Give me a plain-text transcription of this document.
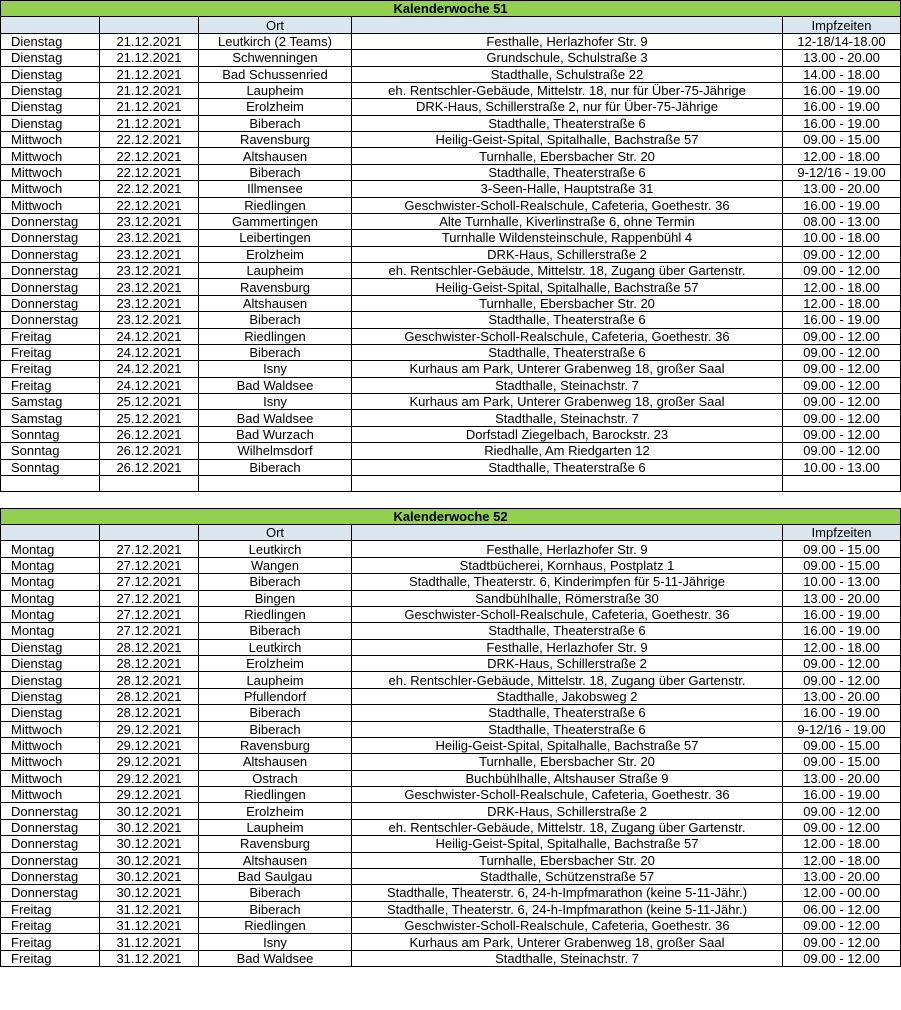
Kalenderwoche 51				
		Ort		Impfzeiten
Dienstag	21.12.2021	Leutkirch (2 Teams)	Festhalle, Herlazhofer Str. 9	12-18/14-18.00
Dienstag	21.12.2021	Schwenningen	Grundschule, Schulstraße 3	13.00 - 20.00
Dienstag	21.12.2021	Bad Schussenried	Stadthalle, Schulstraße 22	14.00 - 18.00
Dienstag	21.12.2021	Laupheim	eh. Rentschler-Gebäude, Mittelstr. 18, nur für Über-75-Jährige	16.00 - 19.00
Dienstag	21.12.2021	Erolzheim	DRK-Haus, Schillerstraße 2, nur für Über-75-Jährige	16.00 - 19.00
Dienstag	21.12.2021	Biberach	Stadthalle, Theaterstraße 6	16.00 - 19.00
Mittwoch	22.12.2021	Ravensburg	Heilig-Geist-Spital, Spitalhalle, Bachstraße 57	09.00 - 15.00
Mittwoch	22.12.2021	Altshausen	Turnhalle, Ebersbacher Str. 20	12.00 - 18.00
Mittwoch	22.12.2021	Biberach	Stadthalle, Theaterstraße 6	9-12/16 - 19.00
Mittwoch	22.12.2021	Illmensee	3-Seen-Halle, Hauptstraße 31	13.00 - 20.00
Mittwoch	22.12.2021	Riedlingen	Geschwister-Scholl-Realschule, Cafeteria, Goethestr. 36	16.00 - 19.00
Donnerstag	23.12.2021	Gammertingen	Alte Turnhalle, Kiverlinstraße 6, ohne Termin	08.00 - 13.00
Donnerstag	23.12.2021	Leibertingen	Turnhalle Wildensteinschule, Rappenbühl 4	10.00 - 18.00
Donnerstag	23.12.2021	Erolzheim	DRK-Haus, Schillerstraße 2	09.00 - 12.00
Donnerstag	23.12.2021	Laupheim	eh. Rentschler-Gebäude, Mittelstr. 18, Zugang über Gartenstr.	09.00 - 12.00
Donnerstag	23.12.2021	Ravensburg	Heilig-Geist-Spital, Spitalhalle, Bachstraße 57	12.00 - 18.00
Donnerstag	23.12.2021	Altshausen	Turnhalle, Ebersbacher Str. 20	12.00 - 18.00
Donnerstag	23.12.2021	Biberach	Stadthalle, Theaterstraße 6	16.00 - 19.00
Freitag	24.12.2021	Riedlingen	Geschwister-Scholl-Realschule, Cafeteria, Goethestr. 36	09.00 - 12.00
Freitag	24.12.2021	Biberach	Stadthalle, Theaterstraße 6	09.00 - 12.00
Freitag	24.12.2021	Isny	Kurhaus am Park, Unterer Grabenweg 18, großer Saal	09.00 - 12.00
Freitag	24.12.2021	Bad Waldsee	Stadthalle, Steinachstr. 7	09.00 - 12.00
Samstag	25.12.2021	Isny	Kurhaus am Park, Unterer Grabenweg 18, großer Saal	09.00 - 12.00
Samstag	25.12.2021	Bad Waldsee	Stadthalle, Steinachstr. 7	09.00 - 12.00
Sonntag	26.12.2021	Bad Wurzach	Dorfstadl Ziegelbach, Barockstr. 23	09.00 - 12.00
Sonntag	26.12.2021	Wilhelmsdorf	Riedhalle, Am Riedgarten 12	09.00 - 12.00
Sonntag	26.12.2021	Biberach	Stadthalle, Theaterstraße 6	10.00 - 13.00

Kalenderwoche 52				
		Ort		Impfzeiten
Montag	27.12.2021	Leutkirch	Festhalle, Herlazhofer Str. 9	09.00 - 15.00
Montag	27.12.2021	Wangen	Stadtbücherei, Kornhaus, Postplatz 1	09.00 - 15.00
Montag	27.12.2021	Biberach	Stadthalle, Theaterstr. 6, Kinderimpfen für 5-11-Jährige	10.00 - 13.00
Montag	27.12.2021	Bingen	Sandbühlhalle, Römerstraße 30	13.00 - 20.00
Montag	27.12.2021	Riedlingen	Geschwister-Scholl-Realschule, Cafeteria, Goethestr. 36	16.00 - 19.00
Montag	27.12.2021	Biberach	Stadthalle, Theaterstraße 6	16.00 - 19.00
Dienstag	28.12.2021	Leutkirch	Festhalle, Herlazhofer Str. 9	12.00 - 18.00
Dienstag	28.12.2021	Erolzheim	DRK-Haus, Schillerstraße 2	09.00 - 12.00
Dienstag	28.12.2021	Laupheim	eh. Rentschler-Gebäude, Mittelstr. 18, Zugang über Gartenstr.	09.00 - 12.00
Dienstag	28.12.2021	Pfullendorf	Stadthalle, Jakobsweg 2	13.00 - 20.00
Dienstag	28.12.2021	Biberach	Stadthalle, Theaterstraße 6	16.00 - 19.00
Mittwoch	29.12.2021	Biberach	Stadthalle, Theaterstraße 6	9-12/16 - 19.00
Mittwoch	29.12.2021	Ravensburg	Heilig-Geist-Spital, Spitalhalle, Bachstraße 57	09.00 - 15.00
Mittwoch	29.12.2021	Altshausen	Turnhalle, Ebersbacher Str. 20	09.00 - 15.00
Mittwoch	29.12.2021	Ostrach	Buchbühlhalle, Altshauser Straße 9	13.00 - 20.00
Mittwoch	29.12.2021	Riedlingen	Geschwister-Scholl-Realschule, Cafeteria, Goethestr. 36	16.00 - 19.00
Donnerstag	30.12.2021	Erolzheim	DRK-Haus, Schillerstraße 2	09.00 - 12.00
Donnerstag	30.12.2021	Laupheim	eh. Rentschler-Gebäude, Mittelstr. 18, Zugang über Gartenstr.	09.00 - 12.00
Donnerstag	30.12.2021	Ravensburg	Heilig-Geist-Spital, Spitalhalle, Bachstraße 57	12.00 - 18.00
Donnerstag	30.12.2021	Altshausen	Turnhalle, Ebersbacher Str. 20	12.00 - 18.00
Donnerstag	30.12.2021	Bad Saulgau	Stadthalle, Schützenstraße 57	13.00 - 20.00
Donnerstag	30.12.2021	Biberach	Stadthalle, Theaterstr. 6, 24-h-Impfmarathon (keine 5-11-Jähr.)	12.00 - 00.00
Freitag	31.12.2021	Biberach	Stadthalle, Theaterstr. 6, 24-h-Impfmarathon (keine 5-11-Jähr.)	06.00 - 12.00
Freitag	31.12.2021	Riedlingen	Geschwister-Scholl-Realschule, Cafeteria, Goethestr. 36	09.00 - 12.00
Freitag	31.12.2021	Isny	Kurhaus am Park, Unterer Grabenweg 18, großer Saal	09.00 - 12.00
Freitag	31.12.2021	Bad Waldsee	Stadthalle, Steinachstr. 7	09.00 - 12.00
